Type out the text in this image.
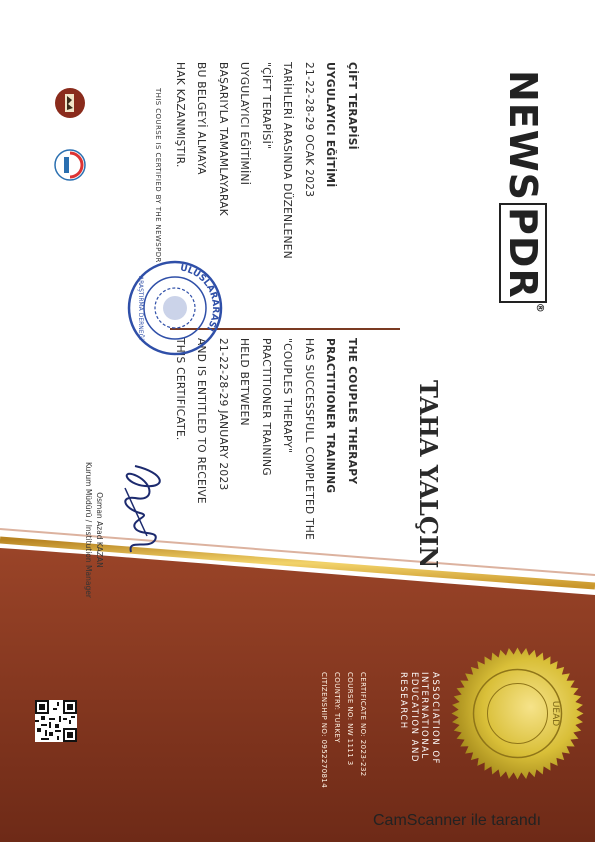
NEWSPDR®
TAHA YALÇIN
ÇİFT TERAPİSİ
UYGULAYICI EĞİTİMİ
21-22-28-29 OCAK 2023
TARİHLERİ ARASINDA DÜZENLENEN
"ÇİFT TERAPİSİ"
UYGULAYICI EĞİTİMİNİ
BAŞARIYLA TAMAMLAYARAK
BU BELGEYİ ALMAYA
HAK KAZANMIŞTIR.
THE COUPLES THERAPY
PRACTITIONER TRAINING
HAS SUCCESSFULL COMPLETED THE
"COUPLES THERAPY"
PRACTITIONER TRAINING
HELD BETWEEN
21-22-28-29 JANUARY 2023
AND IS ENTITLED TO RECEIVE
THIS CERTIFICATE.
THIS COURSE IS CERTIFIED BY THE NEWSPDR
ULUSLARARASI
ARAŞTIRMA DERNEĞİ
Osman Azad KAZAN
Kurum Müdürü / Institution Manager
ASSOCIATION OF
INTERNATIONAL
EDUCATION AND
RESEARCH
CERTIFICATE NO: 2023-232
COURSE NO: NW 1111 3
COUNTRY: TURKEY
CITIZENSHIP NO: 0952270814	UEAD
CamScanner ile tarandı
